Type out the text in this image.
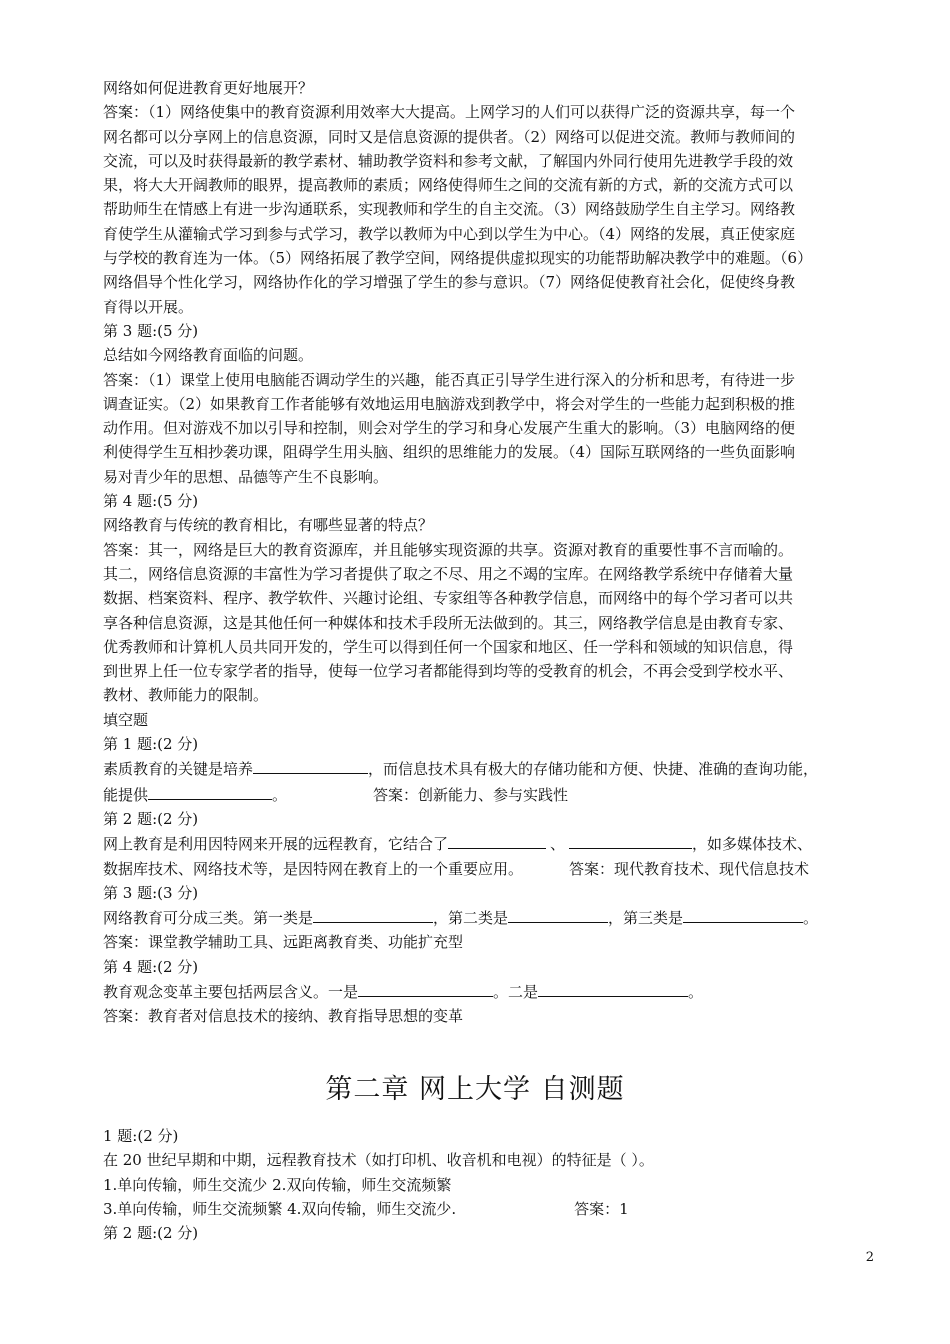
网络如何促进教育更好地展开？
答案：（1）网络使集中的教育资源利用效率大大提高。上网学习的人们可以获得广泛的资源共享，每一个
网名都可以分享网上的信息资源，同时又是信息资源的提供者。（2）网络可以促进交流。教师与教师间的
交流，可以及时获得最新的教学素材、辅助教学资料和参考文献，了解国内外同行使用先进教学手段的效
果，将大大开阔教师的眼界，提高教师的素质；网络使得师生之间的交流有新的方式，新的交流方式可以
帮助师生在情感上有进一步沟通联系，实现教师和学生的自主交流。（3）网络鼓励学生自主学习。网络教
育使学生从灌输式学习到参与式学习，教学以教师为中心到以学生为中心。（4）网络的发展，真正使家庭
与学校的教育连为一体。（5）网络拓展了教学空间，网络提供虚拟现实的功能帮助解决教学中的难题。（6）
网络倡导个性化学习，网络协作化的学习增强了学生的参与意识。（7）网络促使教育社会化，促使终身教
育得以开展。
第 3 题:(5 分)
总结如今网络教育面临的问题。
答案：（1）课堂上使用电脑能否调动学生的兴趣，能否真正引导学生进行深入的分析和思考，有待进一步
调查证实。（2）如果教育工作者能够有效地运用电脑游戏到教学中，将会对学生的一些能力起到积极的推
动作用。但对游戏不加以引导和控制，则会对学生的学习和身心发展产生重大的影响。（3）电脑网络的便
利使得学生互相抄袭功课，阻碍学生用头脑、组织的思维能力的发展。（4）国际互联网络的一些负面影响
易对青少年的思想、品德等产生不良影响。
第 4 题:(5 分)
网络教育与传统的教育相比，有哪些显著的特点？
答案：其一，网络是巨大的教育资源库，并且能够实现资源的共享。资源对教育的重要性事不言而喻的。
其二，网络信息资源的丰富性为学习者提供了取之不尽、用之不竭的宝库。在网络教学系统中存储着大量
数据、档案资料、程序、教学软件、兴趣讨论组、专家组等各种教学信息，而网络中的每个学习者可以共
享各种信息资源，这是其他任何一种媒体和技术手段所无法做到的。其三，网络教学信息是由教育专家、
优秀教师和计算机人员共同开发的，学生可以得到任何一个国家和地区、任一学科和领域的知识信息，得
到世界上任一位专家学者的指导，使每一位学习者都能得到均等的受教育的机会，不再会受到学校水平、
教材、教师能力的限制。
填空题
第 1 题:(2 分)
素质教育的关键是培养	，而信息技术具有极大的存储功能和方便、快捷、准确的查询功能，
能提供	。	答案：创新能力、参与实践性
第 2 题:(2 分)
网上教育是利用因特网来开展的远程教育，它结合了	、	，如多媒体技术、
数据库技术、网络技术等，是因特网在教育上的一个重要应用。	答案：现代教育技术、现代信息技术
第 3 题:(3 分)
网络教育可分成三类。第一类是	，第二类是	，第三类是	。
答案：课堂教学辅助工具、远距离教育类、功能扩充型
第 4 题:(2 分)
教育观念变革主要包括两层含义。一是	。二是	。
答案：教育者对信息技术的接纳、教育指导思想的变革
第二章 网上大学 自测题
1 题:(2 分)
在 20 世纪早期和中期，远程教育技术（如打印机、收音机和电视）的特征是（ ）。
1.单向传输，师生交流少 2.双向传输，师生交流频繁
3.单向传输，师生交流频繁 4.双向传输，师生交流少.	答案：1
第 2 题:(2 分)
2
